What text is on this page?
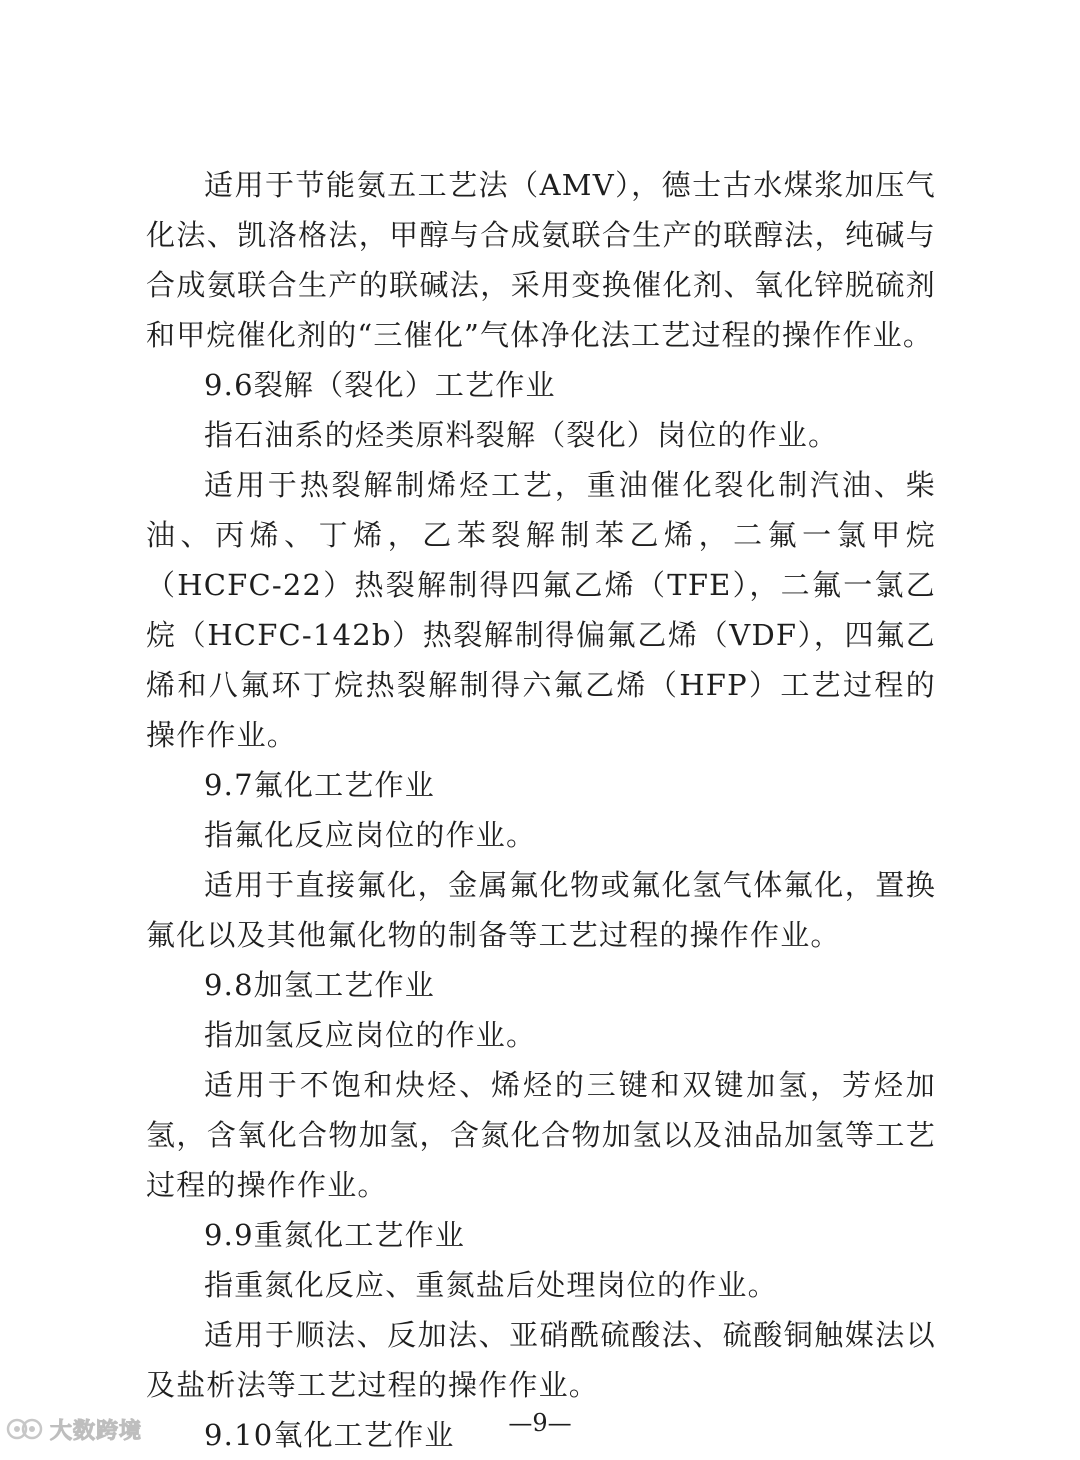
适用于节能氨五工艺法（AMV），德士古水煤浆加压气化法、凯洛格法，甲醇与合成氨联合生产的联醇法，纯碱与合成氨联合生产的联碱法，采用变换催化剂、氧化锌脱硫剂和甲烷催化剂的“三催化”气体净化法工艺过程的操作作业。

9.6裂解（裂化）工艺作业

指石油系的烃类原料裂解（裂化）岗位的作业。

适用于热裂解制烯烃工艺，重油催化裂化制汽油、柴油、丙烯、丁烯，乙苯裂解制苯乙烯，二氟一氯甲烷（HCFC-22）热裂解制得四氟乙烯（TFE），二氟一氯乙烷（HCFC-142b）热裂解制得偏氟乙烯（VDF），四氟乙烯和八氟环丁烷热裂解制得六氟乙烯（HFP）工艺过程的操作作业。

9.7氟化工艺作业

指氟化反应岗位的作业。

适用于直接氟化，金属氟化物或氟化氢气体氟化，置换氟化以及其他氟化物的制备等工艺过程的操作作业。

9.8加氢工艺作业

指加氢反应岗位的作业。

适用于不饱和炔烃、烯烃的三键和双键加氢，芳烃加氢，含氧化合物加氢，含氮化合物加氢以及油品加氢等工艺过程的操作作业。

9.9重氮化工艺作业

指重氮化反应、重氮盐后处理岗位的作业。

适用于顺法、反加法、亚硝酰硫酸法、硫酸铜触媒法以及盐析法等工艺过程的操作作业。

9.10氧化工艺作业	—9—
大数跨境
